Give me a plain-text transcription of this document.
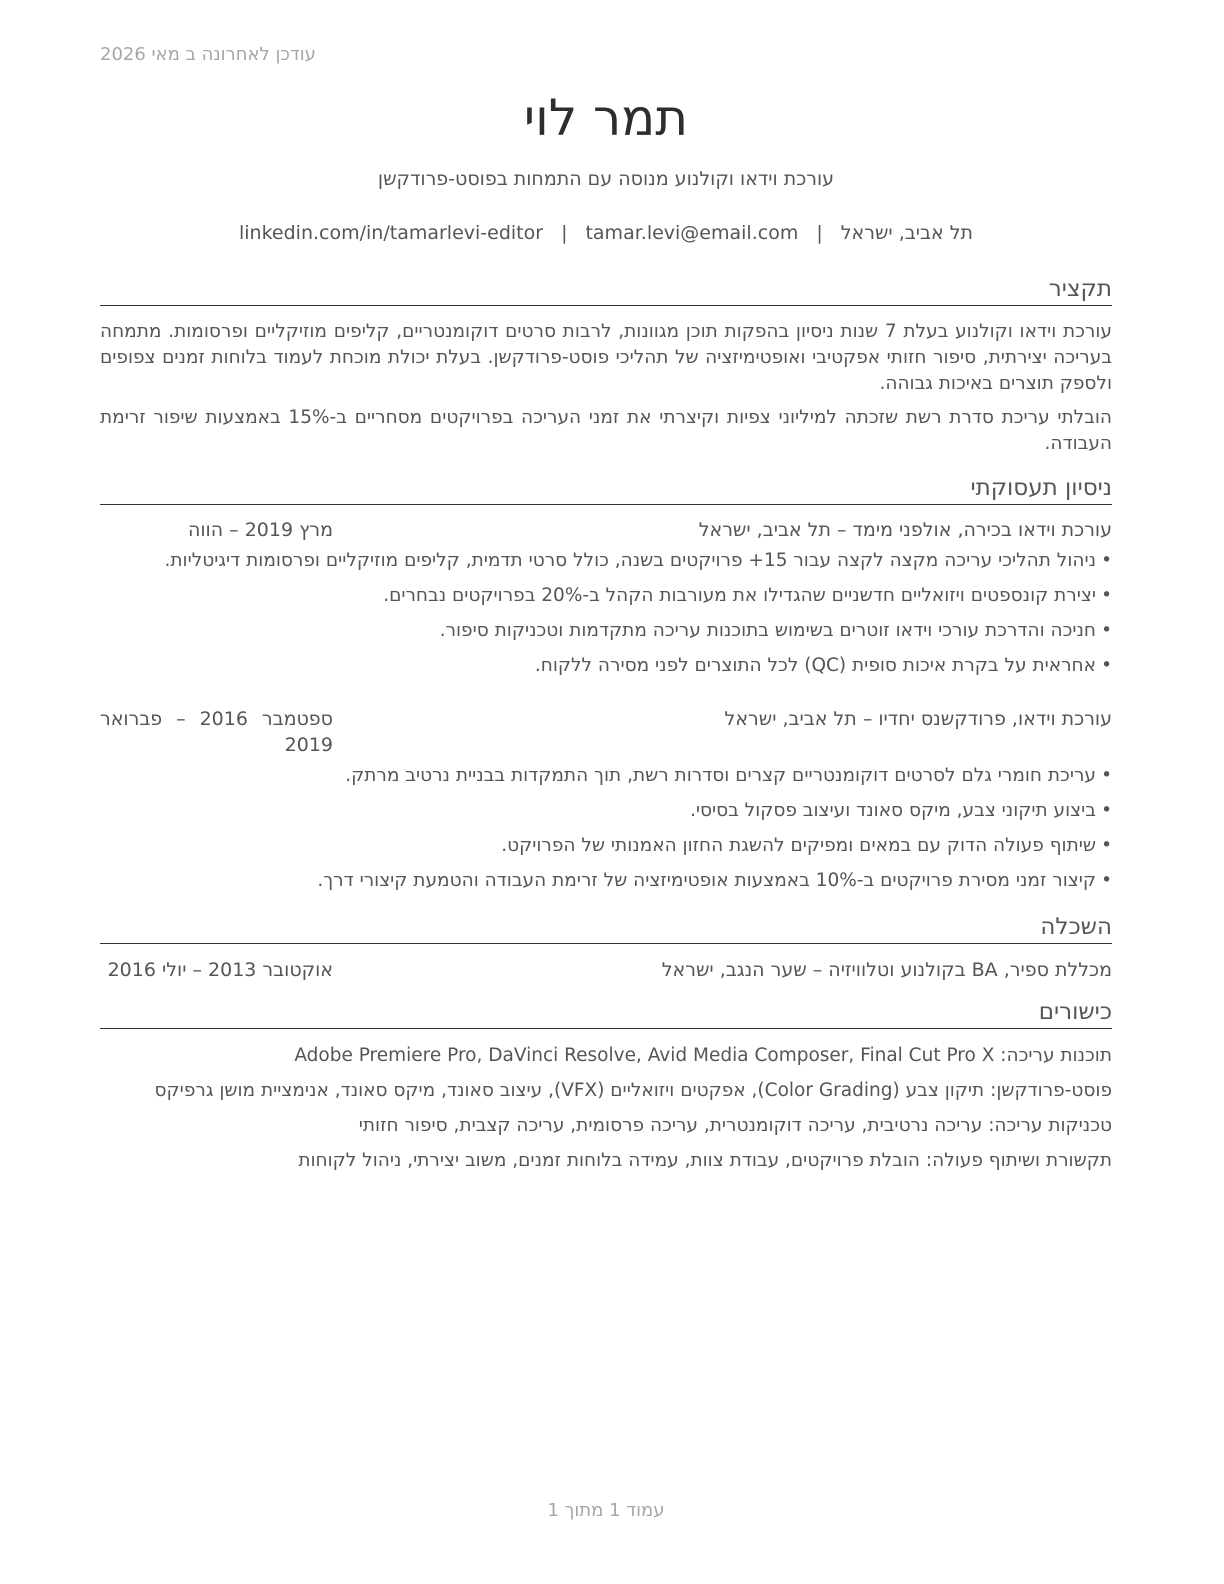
עודכן לאחרונה ב מאי 2026
תמר לוי
עורכת וידאו וקולנוע מנוסה עם התמחות בפוסט-פרודקשן
תל אביב, ישראל
|
tamar.levi@email.com
|
linkedin.com/in/tamarlevi-editor
תקציר
עורכת וידאו וקולנוע בעלת 7 שנות ניסיון בהפקות תוכן מגוונות, לרבות סרטים דוקומנטריים, קליפים מוזיקליים ופרסומות. מתמחה בעריכה יצירתית, סיפור חזותי אפקטיבי ואופטימיזציה של תהליכי פוסט-פרודקשן. בעלת יכולת מוכחת לעמוד בלוחות זמנים צפופים ולספק תוצרים באיכות גבוהה.
הובלתי עריכת סדרת רשת שזכתה למיליוני צפיות וקיצרתי את זמני העריכה בפרויקטים מסחריים ב-15% באמצעות שיפור זרימת העבודה.
ניסיון תעסוקתי
עורכת וידאו בכירה, אולפני מימד – תל אביב, ישראל
מרץ 2019 – הווה
•
ניהול תהליכי עריכה מקצה לקצה עבור 15+ פרויקטים בשנה, כולל סרטי תדמית, קליפים מוזיקליים ופרסומות דיגיטליות.
•
יצירת קונספטים ויזואליים חדשניים שהגדילו את מעורבות הקהל ב-20% בפרויקטים נבחרים.
•
חניכה והדרכת עורכי וידאו זוטרים בשימוש בתוכנות עריכה מתקדמות וטכניקות סיפור.
•
אחראית על בקרת איכות סופית (QC) לכל התוצרים לפני מסירה ללקוח.
עורכת וידאו, פרודקשנס יחדיו – תל אביב, ישראל
ספטמבר 2016 – פברואר 2019
•
עריכת חומרי גלם לסרטים דוקומנטריים קצרים וסדרות רשת, תוך התמקדות בבניית נרטיב מרתק.
•
ביצוע תיקוני צבע, מיקס סאונד ועיצוב פסקול בסיסי.
•
שיתוף פעולה הדוק עם במאים ומפיקים להשגת החזון האמנותי של הפרויקט.
•
קיצור זמני מסירת פרויקטים ב-10% באמצעות אופטימיזציה של זרימת העבודה והטמעת קיצורי דרך.
השכלה
מכללת ספיר, BA בקולנוע וטלוויזיה – שער הנגב, ישראל
אוקטובר 2013 – יולי 2016
כישורים
תוכנות עריכה: Adobe Premiere Pro, DaVinci Resolve, Avid Media Composer, Final Cut Pro X
פוסט-פרודקשן: תיקון צבע (Color Grading), אפקטים ויזואליים (VFX), עיצוב סאונד, מיקס סאונד, אנימציית מושן גרפיקס
טכניקות עריכה: עריכה נרטיבית, עריכה דוקומנטרית, עריכה פרסומית, עריכה קצבית, סיפור חזותי
תקשורת ושיתוף פעולה: הובלת פרויקטים, עבודת צוות, עמידה בלוחות זמנים, משוב יצירתי, ניהול לקוחות
עמוד 1 מתוך 1
